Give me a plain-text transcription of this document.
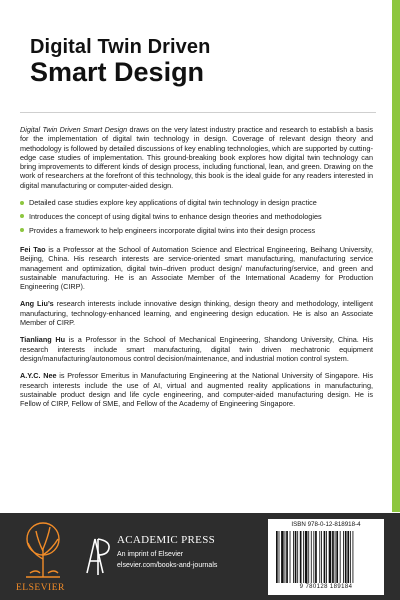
Digital Twin Driven
Smart Design

Digital Twin Driven Smart Design draws on the very latest industry practice and research to establish a basis for the implementation of digital twin technology in design. Coverage of relevant design theory and methodology is followed by detailed discussions of key enabling technologies, which are supported by cutting-edge case studies of implementation. This ground-breaking book explores how digital twin technology can bring improvements to different kinds of design process, including functional, lean, and green. Drawing on the work of researchers at the forefront of this technology, this book is the ideal guide for any readers interested in digital manufacturing or computer-aided design.

Detailed case studies explore key applications of digital twin technology in design practice
Introduces the concept of using digital twins to enhance design theories and methodologies
Provides a framework to help engineers incorporate digital twins into their design process

Fei Tao is a Professor at the School of Automation Science and Electrical Engineering, Beihang University, Beijing, China. His research interests are service-oriented smart manufacturing, manufacturing service management and optimization, digital twin–driven product design/ manufacturing/service, and green and sustainable manufacturing. He is an Associate Member of the International Academy for Production Engineering (CIRP).

Ang Liu’s research interests include innovative design thinking, design theory and methodology, intelligent manufacturing, technology-enhanced learning, and engineering design education. He is also an Associate Member of CIRP.

Tianliang Hu is a Professor in the School of Mechanical Engineering, Shandong University, China. His research interests include smart manufacturing, digital twin driven mechatronic equipment design/manufacturing/autonomous control decision/maintenance, and industrial motion control system.

A.Y.C. Nee is Professor Emeritus in Manufacturing Engineering at the National University of Singapore. His research interests include the use of AI, virtual and augmented reality applications in manufacturing, sustainable product design and life cycle engineering, and computer-aided manufacturing design. He is Fellow of CIRP, Fellow of SME, and Fellow of the Academy of Engineering Singapore.

ELSEVIER
ACADEMIC PRESS
An imprint of Elsevier
elsevier.com/books-and-journals
ISBN 978-0-12-818918-4
9 780128 189184
